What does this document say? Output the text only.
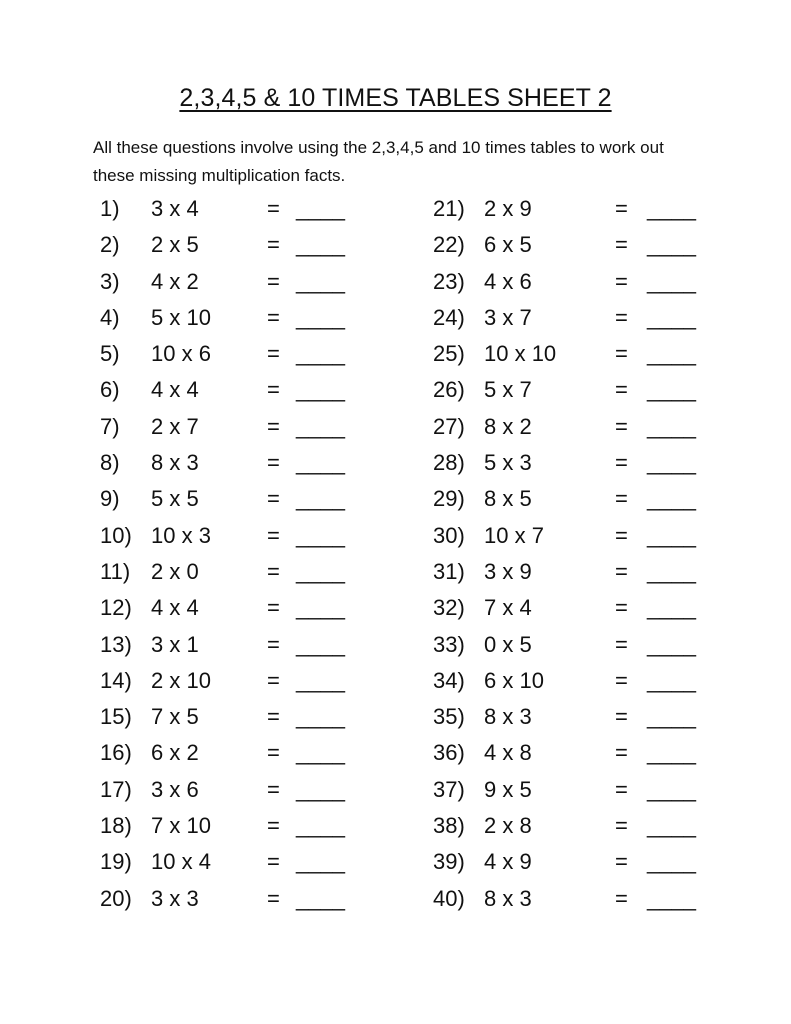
2,3,4,5 & 10 TIMES TABLES SHEET 2
All these questions involve using the 2,3,4,5 and 10 times tables to work out
these missing multiplication facts.
1) 3 x 4	= ____
2) 2 x 5	= ____
3) 4 x 2	= ____
4) 5 x 10	= ____
5) 10 x 6	= ____
6) 4 x 4	= ____
7) 2 x 7	= ____
8) 8 x 3	= ____
9) 5 x 5	= ____
10) 10 x 3	= ____
11) 2 x 0	= ____
12) 4 x 4	= ____
13) 3 x 1	= ____
14) 2 x 10	= ____
15) 7 x 5	= ____
16) 6 x 2	= ____
17) 3 x 6	= ____
18) 7 x 10	= ____
19) 10 x 4	= ____
20) 3 x 3	= ____
21) 2 x 9	= ____
22) 6 x 5	= ____
23) 4 x 6	= ____
24) 3 x 7	= ____
25) 10 x 10	= ____
26) 5 x 7	= ____
27) 8 x 2	= ____
28) 5 x 3	= ____
29) 8 x 5	= ____
30) 10 x 7	= ____
31) 3 x 9	= ____
32) 7 x 4	= ____
33) 0 x 5	= ____
34) 6 x 10	= ____
35) 8 x 3	= ____
36) 4 x 8	= ____
37) 9 x 5	= ____
38) 2 x 8	= ____
39) 4 x 9	= ____
40) 8 x 3	= ____
